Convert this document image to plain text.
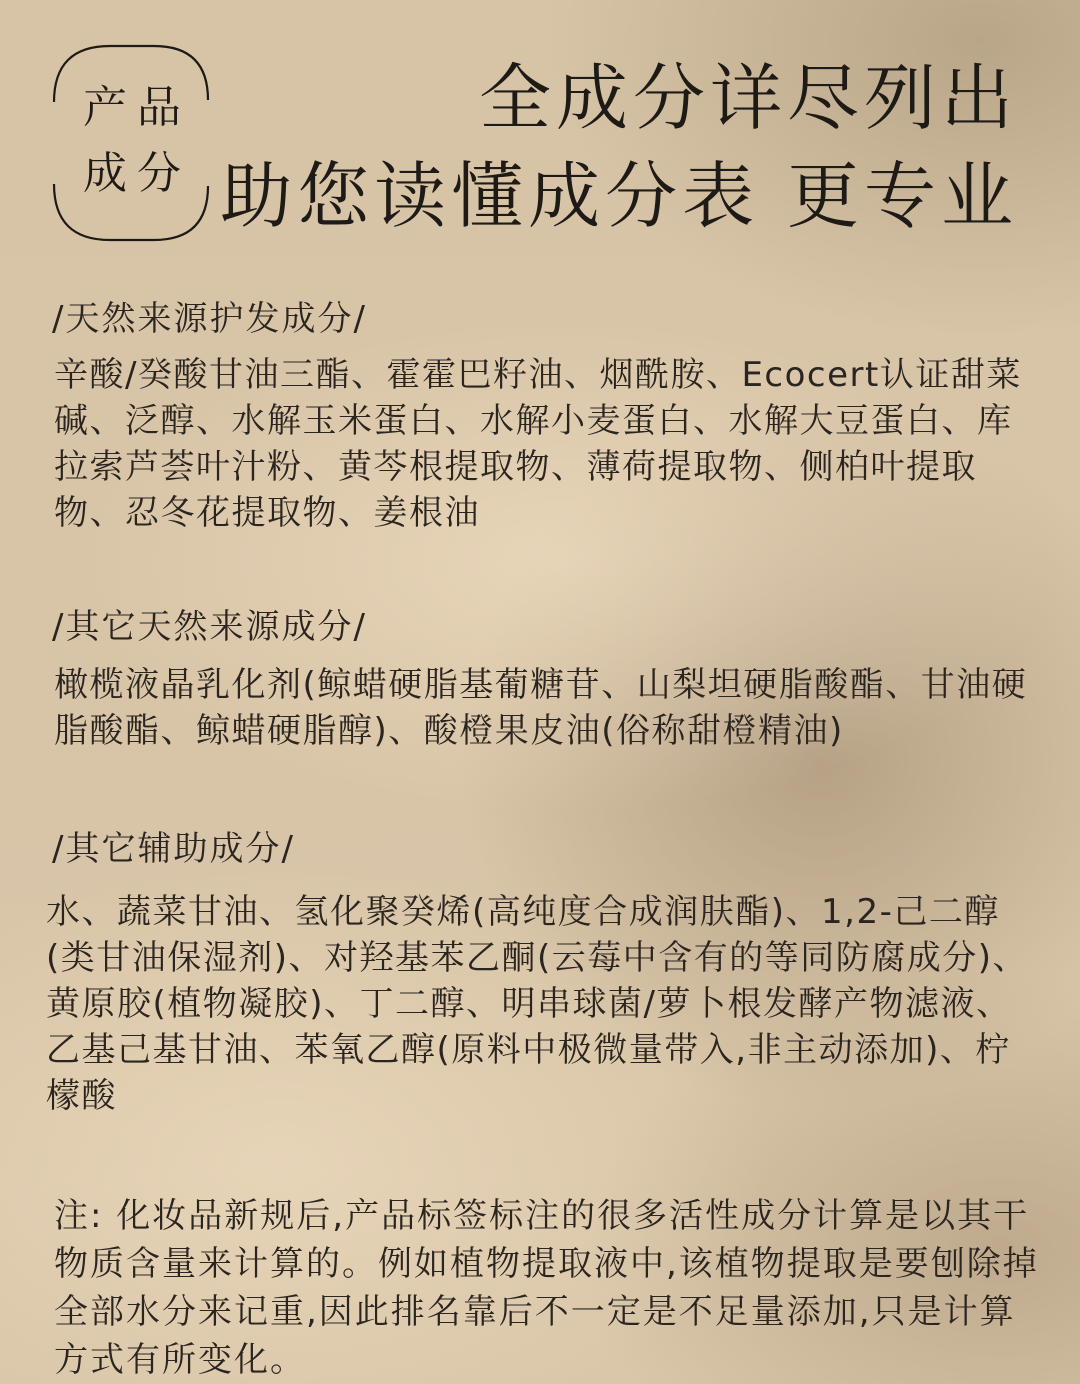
产品
成分
全成分详尽列出
助您读懂成分表 更专业
/天然来源护发成分/
辛酸/癸酸甘油三酯、霍霍巴籽油、烟酰胺、Ecocert认证甜菜碱、泛醇、水解玉米蛋白、水解小麦蛋白、水解大豆蛋白、库拉索芦荟叶汁粉、黄芩根提取物、薄荷提取物、侧柏叶提取物、忍冬花提取物、姜根油
/其它天然来源成分/
橄榄液晶乳化剂(鲸蜡硬脂基葡糖苷、山梨坦硬脂酸酯、甘油硬脂酸酯、鲸蜡硬脂醇)、酸橙果皮油(俗称甜橙精油)
/其它辅助成分/
水、蔬菜甘油、氢化聚癸烯(高纯度合成润肤酯)、1,2-己二醇(类甘油保湿剂)、对羟基苯乙酮(云莓中含有的等同防腐成分)、黄原胶(植物凝胶)、丁二醇、明串球菌/萝卜根发酵产物滤液、乙基己基甘油、苯氧乙醇(原料中极微量带入,非主动添加)、柠檬酸
注: 化妆品新规后,产品标签标注的很多活性成分计算是以其干物质含量来计算的。例如植物提取液中,该植物提取是要刨除掉全部水分来记重,因此排名靠后不一定是不足量添加,只是计算方式有所变化。
